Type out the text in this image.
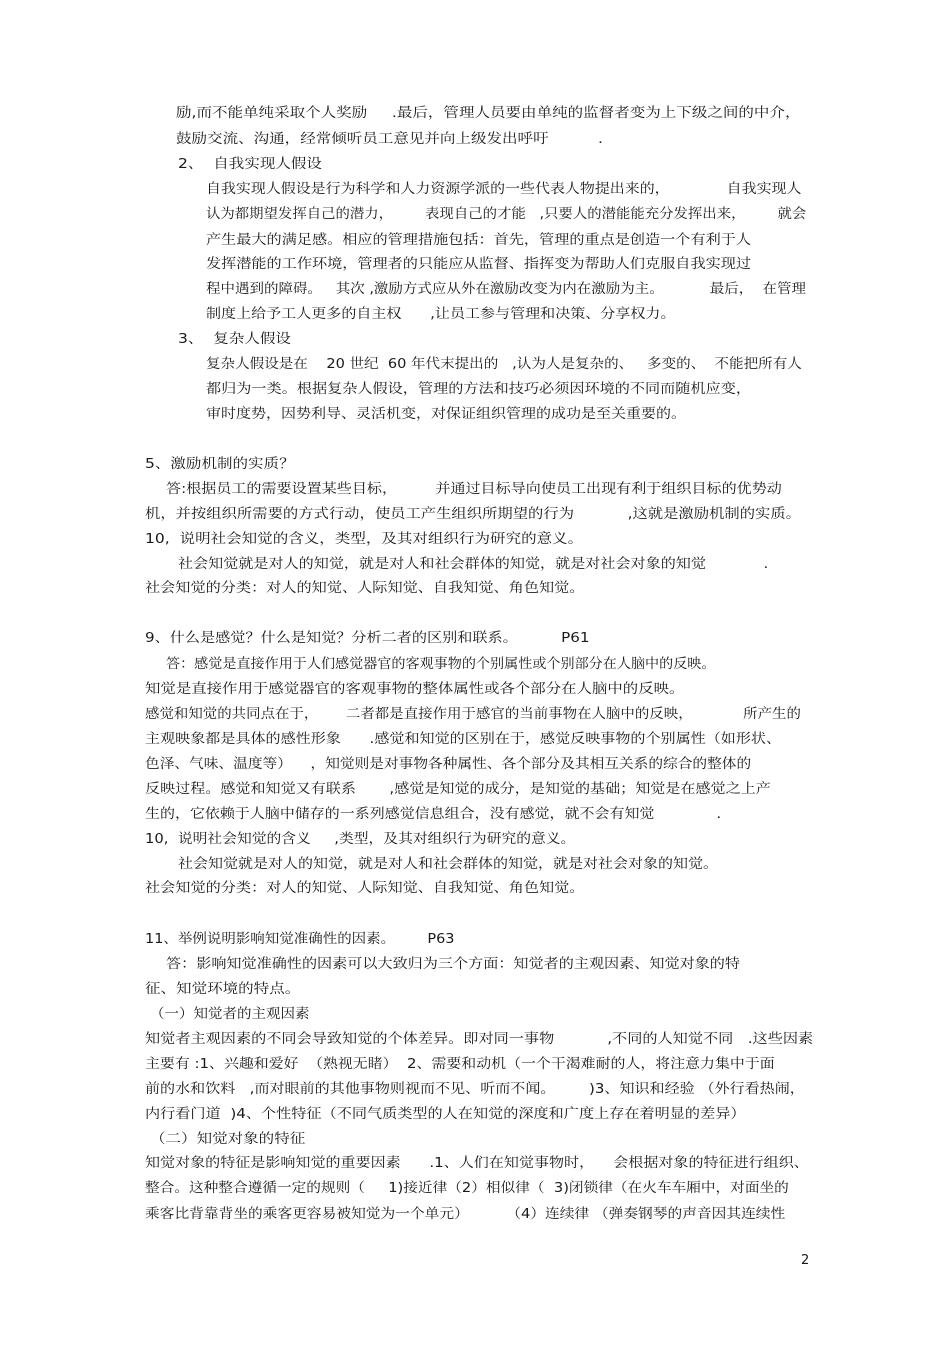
励,而不能单纯采取个人奖励     .最后，管理人员要由单纯的监督者变为上下级之间的中介，
鼓励交流、沟通，经常倾听员工意见并向上级发出呼吁          .
2、  自我实现人假设
自我实现人假设是行为科学和人力资源学派的一些代表人物提出来的，            自我实现人
认为都期望发挥自己的潜力，       表现自己的才能   ,只要人的潜能能充分发挥出来，       就会
产生最大的满足感。相应的管理措施包括：首先，管理的重点是创造一个有利于人
发挥潜能的工作环境，管理者的只能应从监督、指挥变为帮助人们克服自我实现过
程中遇到的障碍。   其次 ,激励方式应从外在激励改变为内在激励为主。          最后，  在管理
制度上给予工人更多的自主权      ,让员工参与管理和决策、分享权力。
3、  复杂人假设
复杂人假设是在    20 世纪  60 年代末提出的   ,认为人是复杂的、   多变的、  不能把所有人
都归为一类。根据复杂人假设，管理的方法和技巧必须因环境的不同而随机应变，
审时度势，因势利导、灵活机变，对保证组织管理的成功是至关重要的。
5、激励机制的实质？
答:根据员工的需要设置某些目标，        并通过目标导向使员工出现有利于组织目标的优势动
机，并按组织所需要的方式行动，使员工产生组织所期望的行为           ,这就是激励机制的实质。
10,  说明社会知觉的含义，类型，及其对组织行为研究的意义。
社会知觉就是对人的知觉，就是对人和社会群体的知觉，就是对社会对象的知觉            .
社会知觉的分类：对人的知觉、人际知觉、自我知觉、角色知觉。
9、什么是感觉？什么是知觉？分析二者的区别和联系。         P61
答：感觉是直接作用于人们感觉器官的客观事物的个别属性或个别部分在人脑中的反映。
知觉是直接作用于感觉器官的客观事物的整体属性或各个部分在人脑中的反映。
感觉和知觉的共同点在于，      二者都是直接作用于感官的当前事物在人脑中的反映，           所产生的
主观映象都是具体的感性形象      .感觉和知觉的区别在于，感觉反映事物的个别属性（如形状、
色泽、气味、温度等）    ，知觉则是对事物各种属性、各个部分及其相互关系的综合的整体的
反映过程。感觉和知觉又有联系       ,感觉是知觉的成分，是知觉的基础；知觉是在感觉之上产
生的，它依赖于人脑中储存的一系列感觉信息组合，没有感觉，就不会有知觉             .
10,  说明社会知觉的含义     ,类型，及其对组织行为研究的意义。
社会知觉就是对人的知觉，就是对人和社会群体的知觉，就是对社会对象的知觉。
社会知觉的分类：对人的知觉、人际知觉、自我知觉、角色知觉。
11、举例说明影响知觉准确性的因素。       P63
答：影响知觉准确性的因素可以大致归为三个方面：知觉者的主观因素、知觉对象的特
征、知觉环境的特点。
（一）知觉者的主观因素
知觉者主观因素的不同会导致知觉的个体差异。即对同一事物           ,不同的人知觉不同   .这些因素
主要有 :1、兴趣和爱好  （熟视无睹）  2、需要和动机（一个干渴难耐的人，将注意力集中于面
前的水和饮料   ,而对眼前的其他事物则视而不见、听而不闻。       )3、知识和经验 （外行看热闹，
内行看门道  )4、个性特征（不同气质类型的人在知觉的深度和广度上存在着明显的差异）
（二）知觉对象的特征
知觉对象的特征是影响知觉的重要因素      .1、人们在知觉事物时，    会根据对象的特征进行组织、
整合。这种整合遵循一定的规则（     1)接近律（2）相似律（  3)闭锁律（在火车车厢中，对面坐的
乘客比背靠背坐的乘客更容易被知觉为一个单元）        （4）连续律 （弹奏钢琴的声音因其连续性
2
